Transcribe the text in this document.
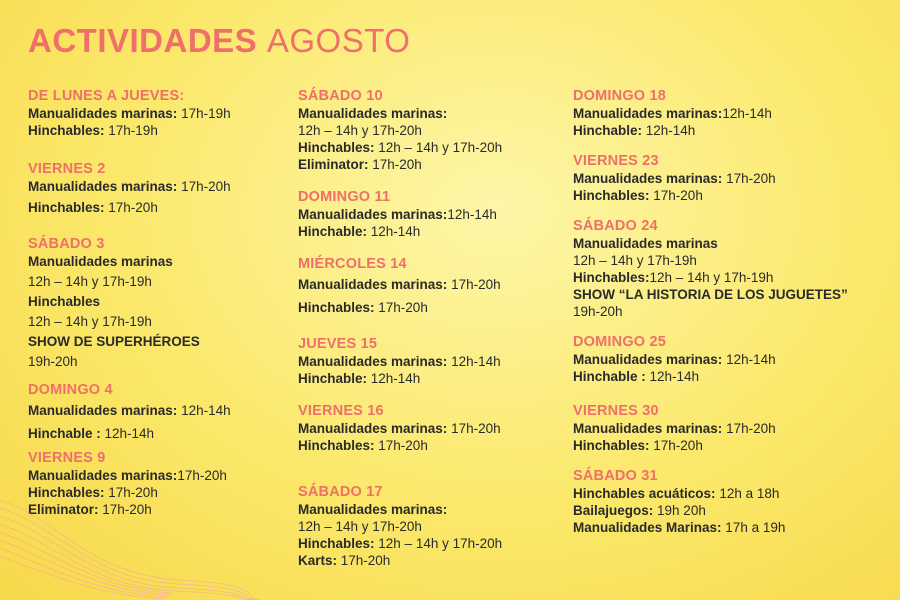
ACTIVIDADES AGOSTO
DE LUNES A JUEVES:
Manualidades marinas: 17h-19h
Hinchables: 17h-19h
VIERNES 2
Manualidades marinas: 17h-20h
Hinchables: 17h-20h
SÁBADO 3
Manualidades marinas
12h – 14h y 17h-19h
Hinchables
12h – 14h y 17h-19h
SHOW DE SUPERHÉROES
19h-20h
DOMINGO 4
Manualidades marinas: 12h-14h
Hinchable : 12h-14h
VIERNES 9
Manualidades marinas:17h-20h
Hinchables: 17h-20h
Eliminator: 17h-20h
SÁBADO 10
Manualidades marinas:
12h – 14h y 17h-20h
Hinchables: 12h – 14h y 17h-20h
Eliminator: 17h-20h
DOMINGO 11
Manualidades marinas:12h-14h
Hinchable: 12h-14h
MIÉRCOLES 14
Manualidades marinas: 17h-20h
Hinchables: 17h-20h
JUEVES 15
Manualidades marinas: 12h-14h
Hinchable: 12h-14h
VIERNES 16
Manualidades marinas: 17h-20h
Hinchables: 17h-20h
SÁBADO 17
Manualidades marinas:
12h – 14h y 17h-20h
Hinchables: 12h – 14h y 17h-20h
Karts: 17h-20h
DOMINGO 18
Manualidades marinas:12h-14h
Hinchable: 12h-14h
VIERNES 23
Manualidades marinas: 17h-20h
Hinchables: 17h-20h
SÁBADO 24
Manualidades marinas
12h – 14h y 17h-19h
Hinchables:12h – 14h y 17h-19h
SHOW “LA HISTORIA DE LOS JUGUETES”
19h-20h
DOMINGO 25
Manualidades marinas: 12h-14h
Hinchable : 12h-14h
VIERNES 30
Manualidades marinas: 17h-20h
Hinchables: 17h-20h
SÁBADO 31
Hinchables acuáticos: 12h a 18h
Bailajuegos: 19h 20h
Manualidades Marinas: 17h a 19h
